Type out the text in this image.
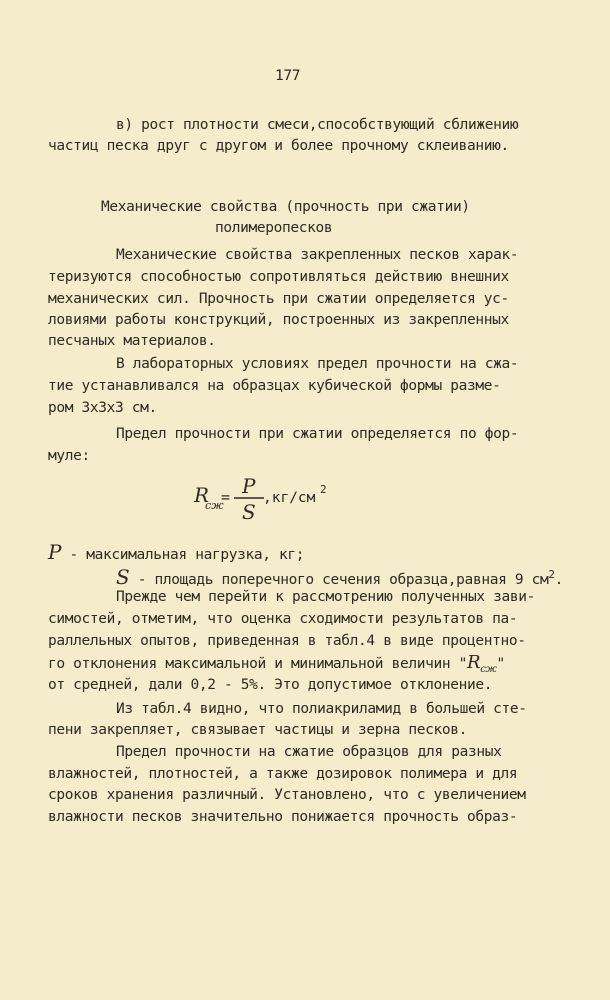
177
в) рост плотности смеси,способствующий сближению
частиц песка друг с другом и более прочному склеиванию.
Механические свойства (прочность при сжатии)
полимеропесков
Механические свойства закрепленных песков харак-
теризуются способностью сопротивляться действию внешних
механических сил. Прочность при сжатии определяется ус-
ловиями работы конструкций, построенных из закрепленных
песчаных материалов.
В лабораторных условиях предел прочности на сжа-
тие устанавливался на образцах кубической формы разме-
ром 3х3х3 см.
Предел прочности при сжатии определяется по фор-
муле:
R
сж
= P
S
,кг/см
2
P - максимальная нагрузка, кг;
S - площадь поперечного сечения образца,равная 9 $см^2$.
Прежде чем перейти к рассмотрению полученных зави-
симостей, отметим, что оценка сходимости результатов па-
раллельных опытов, приведенная в табл.4 в виде процентно-
го отклонения максимальной и минимальной величин "$R_{сж}$"
от средней, дали 0,2 - 5%. Это допустимое отклонение.
Из табл.4 видно, что полиакриламид в большей сте-
пени закрепляет, связывает частицы и зерна песков.
Предел прочности на сжатие образцов для разных
влажностей, плотностей, а также дозировок полимера и для
сроков хранения различный. Установлено, что с увеличением
влажности песков значительно понижается прочность образ-
